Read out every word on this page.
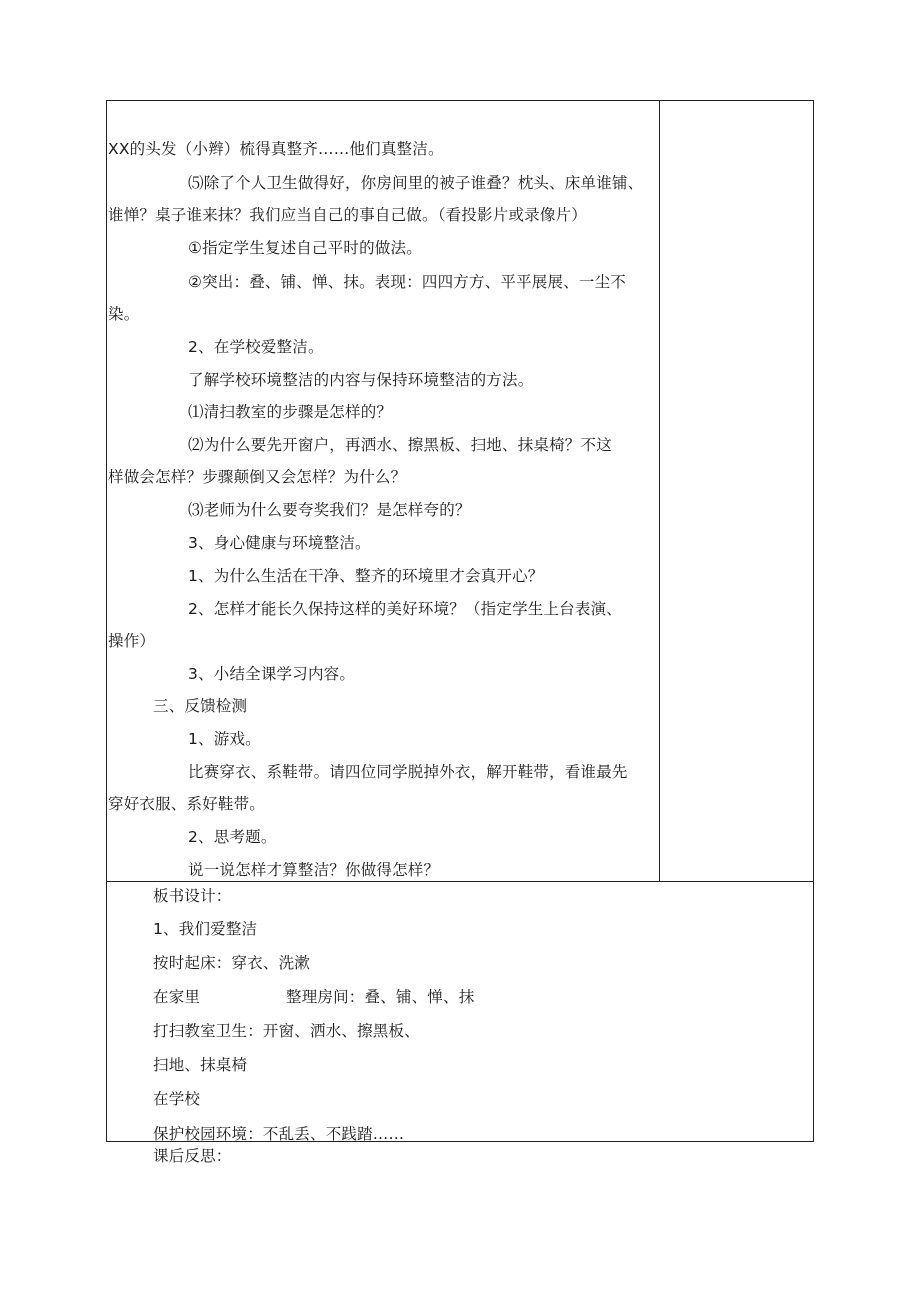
XX的头发（小辫）梳得真整齐……他们真整洁。
⑸除了个人卫生做得好，你房间里的被子谁叠？枕头、床单谁铺、
谁惮？桌子谁来抹？我们应当自己的事自己做。（看投影片或录像片）
①指定学生复述自己平时的做法。
②突出：叠、铺、惮、抹。表现：四四方方、平平展展、一尘不
染。
2、在学校爱整洁。
了解学校环境整洁的内容与保持环境整洁的方法。
⑴清扫教室的步骤是怎样的？
⑵为什么要先开窗户，再洒水、擦黑板、扫地、抹桌椅？不这
样做会怎样？步骤颠倒又会怎样？为什么？
⑶老师为什么要夸奖我们？是怎样夸的？
3、身心健康与环境整洁。
1、为什么生活在干净、整齐的环境里才会真开心？
2、怎样才能长久保持这样的美好环境？（指定学生上台表演、
操作）
3、小结全课学习内容。
三、反馈检测
1、游戏。
比赛穿衣、系鞋带。请四位同学脱掉外衣，解开鞋带，看谁最先
穿好衣服、系好鞋带。
2、思考题。
说一说怎样才算整洁？你做得怎样？
板书设计：
1、我们爱整洁
按时起床：穿衣、洗漱
在家里	整理房间：叠、铺、惮、抹
打扫教室卫生：开窗、洒水、擦黑板、
扫地、抹桌椅
在学校
保护校园环境：不乱丢、不践踏……
课后反思：
